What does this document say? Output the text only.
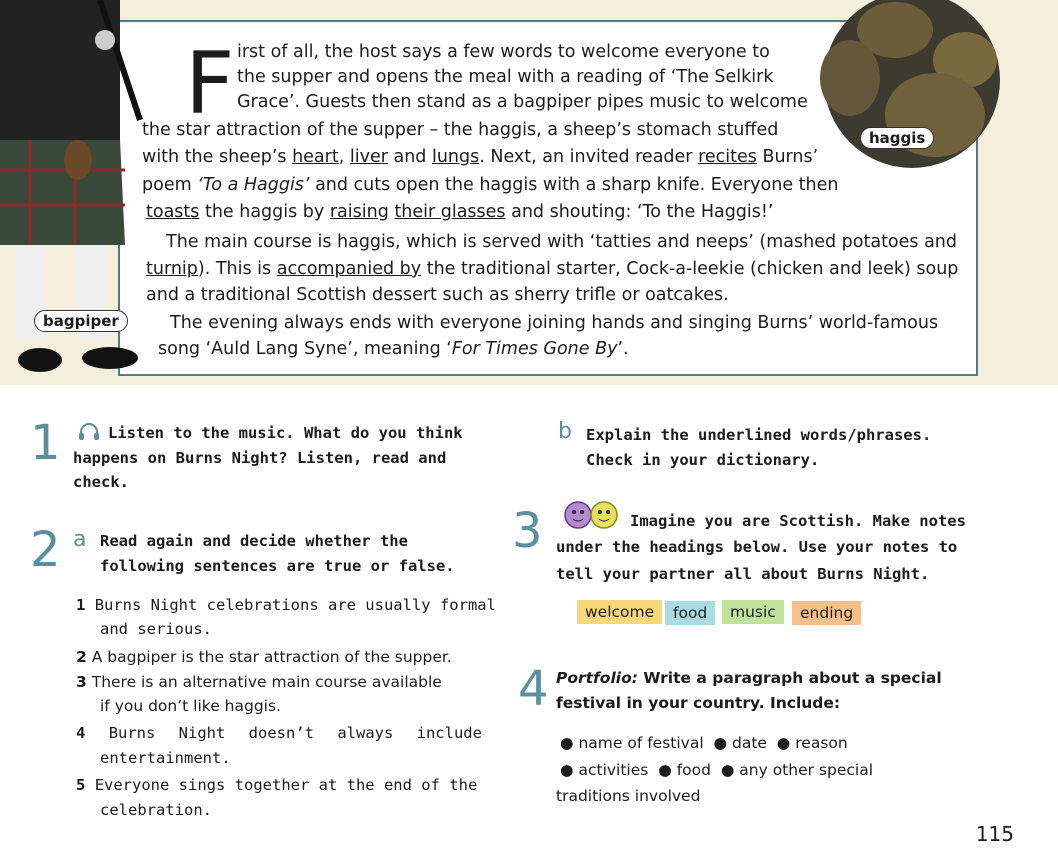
haggis
bagpiper
F irst of all, the host says a few words to welcome everyone to
the supper and opens the meal with a reading of ‘The Selkirk
Grace’. Guests then stand as a bagpiper pipes music to welcome
the star attraction of the supper – the haggis, a sheep’s stomach stuffed
with the sheep’s heart, liver and lungs. Next, an invited reader recites Burns’
poem ‘To a Haggis’ and cuts open the haggis with a sharp knife. Everyone then
toasts the haggis by raising their glasses and shouting: ‘To the Haggis!’
The main course is haggis, which is served with ‘tatties and neeps’ (mashed potatoes and
turnip). This is accompanied by the traditional starter, Cock-a-leekie (chicken and leek) soup
and a traditional Scottish dessert such as sherry trifle or oatcakes.
The evening always ends with everyone joining hands and singing Burns’ world-famous
song ‘Auld Lang Syne’, meaning ‘For Times Gone By’.
1	Listen to the music. What do you think
happens on Burns Night? Listen, read and
check.
2 a Read again and decide whether the
following sentences are true or false.
1 Burns Night celebrations are usually formal
and serious.
2 A bagpiper is the star attraction of the supper.
3 There is an alternative main course available
if you don’t like haggis.
4 Burns Night doesn’t always include
entertainment.
5 Everyone sings together at the end of the
celebration.
b Explain the underlined words/phrases.
Check in your dictionary.
3	Imagine you are Scottish. Make notes
under the headings below. Use your notes to
tell your partner all about Burns Night.
welcome	food	music	ending
4 Portfolio: Write a paragraph about a special
festival in your country. Include:
● name of festival ● date ● reason
● activities ● food ● any other special
traditions involved
115
